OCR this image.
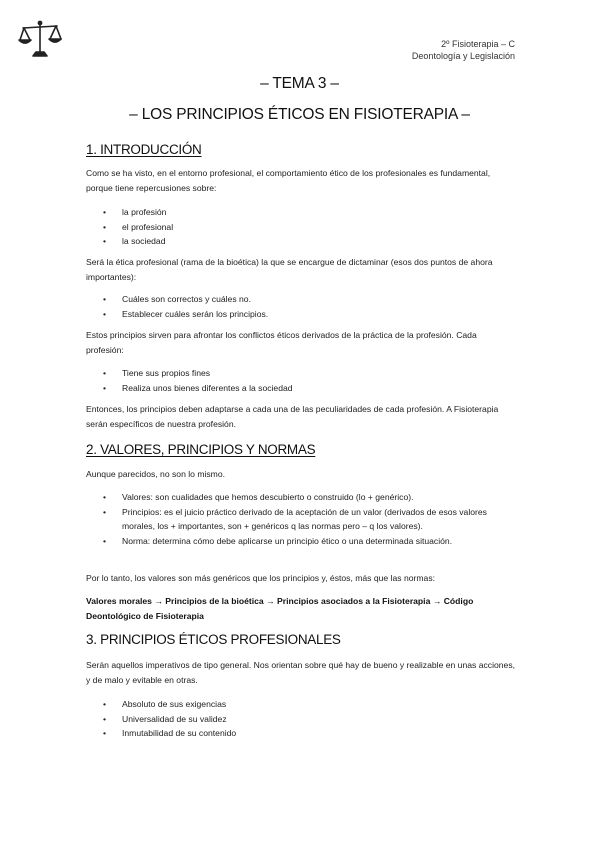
2º Fisioterapia – C
Deontología y Legislación
– TEMA 3 –
– LOS PRINCIPIOS ÉTICOS EN FISIOTERAPIA –
1. INTRODUCCIÓN

Como se ha visto, en el entorno profesional, el comportamiento ético de los profesionales es fundamental, porque tiene repercusiones sobre:

• la profesión
• el profesional
• la sociedad

Será la ética profesional (rama de la bioética) la que se encargue de dictaminar (esos dos puntos de ahora importantes):

• Cuáles son correctos y cuáles no.
• Establecer cuáles serán los principios.

Estos principios sirven para afrontar los conflictos éticos derivados de la práctica de la profesión. Cada profesión:

• Tiene sus propios fines
• Realiza unos bienes diferentes a la sociedad

Entonces, los principios deben adaptarse a cada una de las peculiaridades de cada profesión. A Fisioterapia serán específicos de nuestra profesión.

2. VALORES, PRINCIPIOS Y NORMAS

Aunque parecidos, no son lo mismo.

• Valores: son cualidades que hemos descubierto o construido (lo + genérico).
• Principios: es el juicio práctico derivado de la aceptación de un valor (derivados de esos valores morales, los + importantes, son + genéricos q las normas pero – q los valores).
• Norma: determina cómo debe aplicarse un principio ético o una determinada situación.

Por lo tanto, los valores son más genéricos que los principios y, éstos, más que las normas:

Valores morales → Principios de la bioética → Principios asociados a la Fisioterapia → Código Deontológico de Fisioterapia

3. PRINCIPIOS ÉTICOS PROFESIONALES

Serán aquellos imperativos de tipo general. Nos orientan sobre qué hay de bueno y realizable en unas acciones, y de malo y evitable en otras.

• Absoluto de sus exigencias
• Universalidad de su validez
• Inmutabilidad de su contenido
